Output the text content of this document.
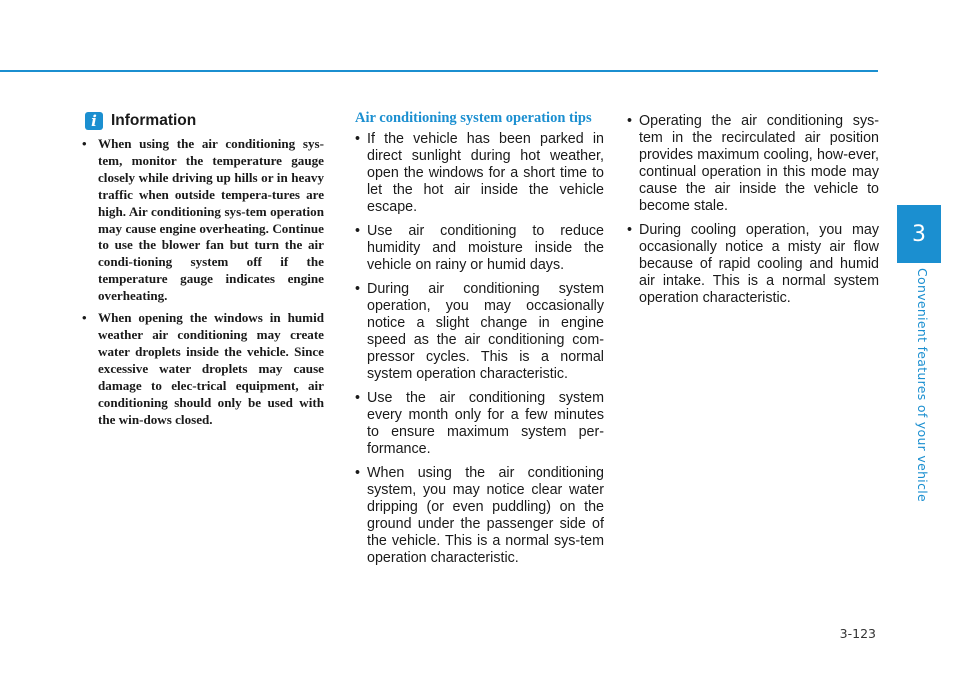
3
Convenient features of your vehicle
i Information
• When using the air conditioning sys-tem, monitor the temperature gauge closely while driving up hills or in heavy traffic when outside tempera-tures are high. Air conditioning sys-tem operation may cause engine overheating. Continue to use the blower fan but turn the air condi-tioning system off if the temperature gauge indicates engine overheating.
• When opening the windows in humid weather air conditioning may create water droplets inside the vehicle. Since excessive water droplets may cause damage to elec-trical equipment, air conditioning should only be used with the win-dows closed.
Air conditioning system operation tips
• If the vehicle has been parked in direct sunlight during hot weather, open the windows for a short time to let the hot air inside the vehicle escape.
• Use air conditioning to reduce humidity and moisture inside the vehicle on rainy or humid days.
• During air conditioning system operation, you may occasionally notice a slight change in engine speed as the air conditioning com-pressor cycles. This is a normal system operation characteristic.
• Use the air conditioning system every month only for a few minutes to ensure maximum system per-formance.
• When using the air conditioning system, you may notice clear water dripping (or even puddling) on the ground under the passenger side of the vehicle. This is a normal sys-tem operation characteristic.
• Operating the air conditioning sys-tem in the recirculated air position provides maximum cooling, how-ever, continual operation in this mode may cause the air inside the vehicle to become stale.
• During cooling operation, you may occasionally notice a misty air flow because of rapid cooling and humid air intake. This is a normal system operation characteristic.
3-123
